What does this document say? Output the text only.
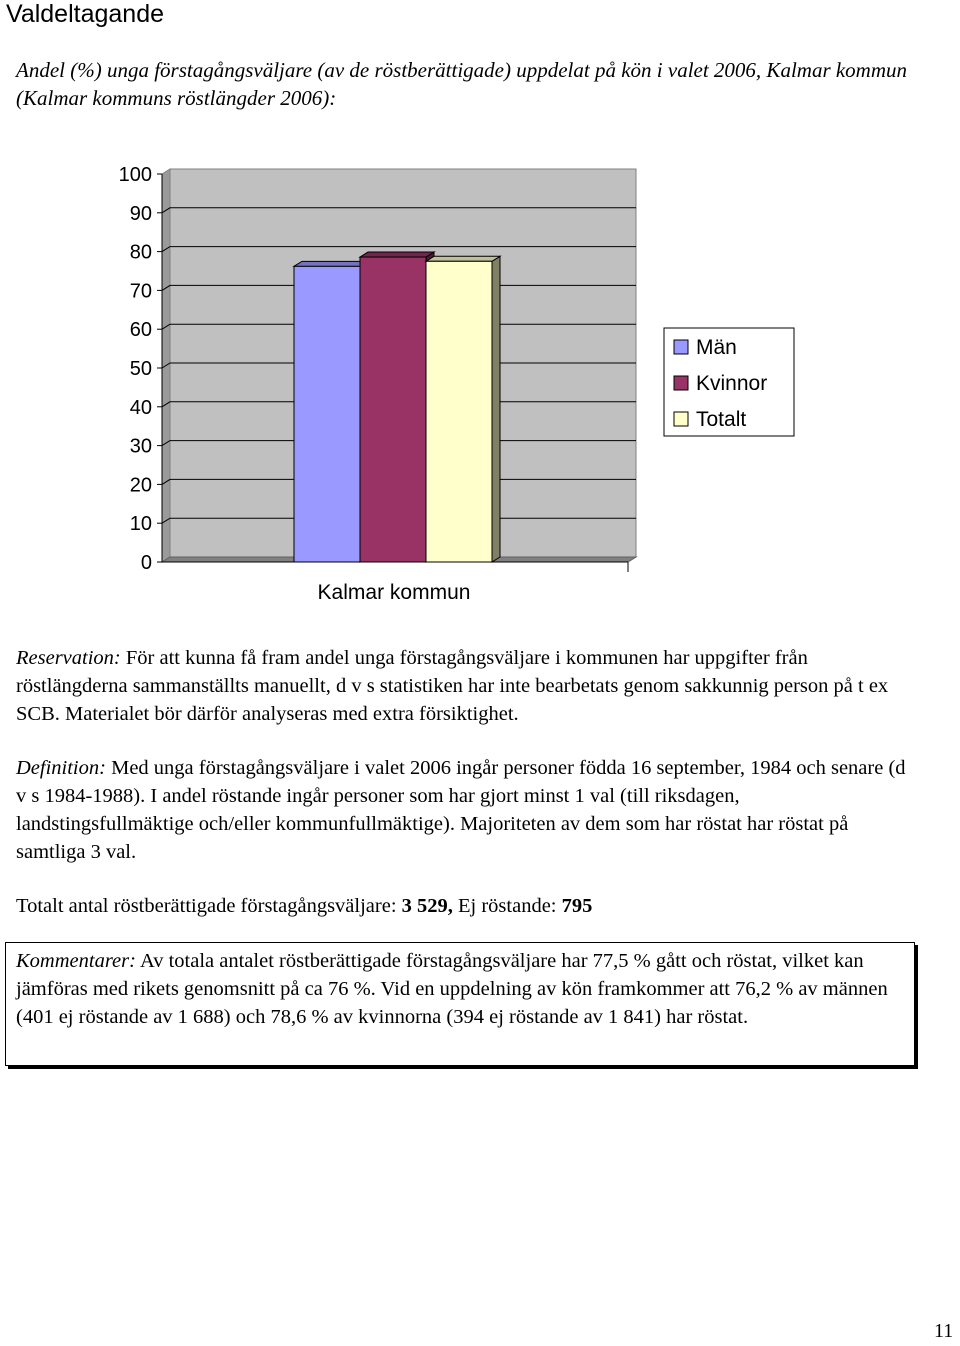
Valdeltagande
Andel (%) unga förstagångsväljare (av de röstberättigade) uppdelat på kön i valet 2006, Kalmar kommun (Kalmar kommuns röstlängder 2006):
100
90
80
70
60
50
40
30
20
10
0
Kalmar kommun
Män
Kvinnor
Totalt
Reservation: För att kunna få fram andel unga förstagångsväljare i kommunen har uppgifter från röstlängderna sammanställts manuellt, d v s statistiken har inte bearbetats genom sakkunnig person på t ex SCB. Materialet bör därför analyseras med extra försiktighet.
Definition: Med unga förstagångsväljare i valet 2006 ingår personer födda 16 september, 1984 och senare (d v s 1984-1988). I andel röstande ingår personer som har gjort minst 1 val (till riksdagen, landstingsfullmäktige och/eller kommunfullmäktige). Majoriteten av dem som har röstat har röstat på samtliga 3 val.
Totalt antal röstberättigade förstagångsväljare: 3 529, Ej röstande: 795
Kommentarer: Av totala antalet röstberättigade förstagångsväljare har 77,5 % gått och röstat, vilket kan jämföras med rikets genomsnitt på ca 76 %. Vid en uppdelning av kön framkommer att 76,2 % av männen (401 ej röstande av 1 688) och 78,6 % av kvinnorna (394 ej röstande av 1 841) har röstat.
11
